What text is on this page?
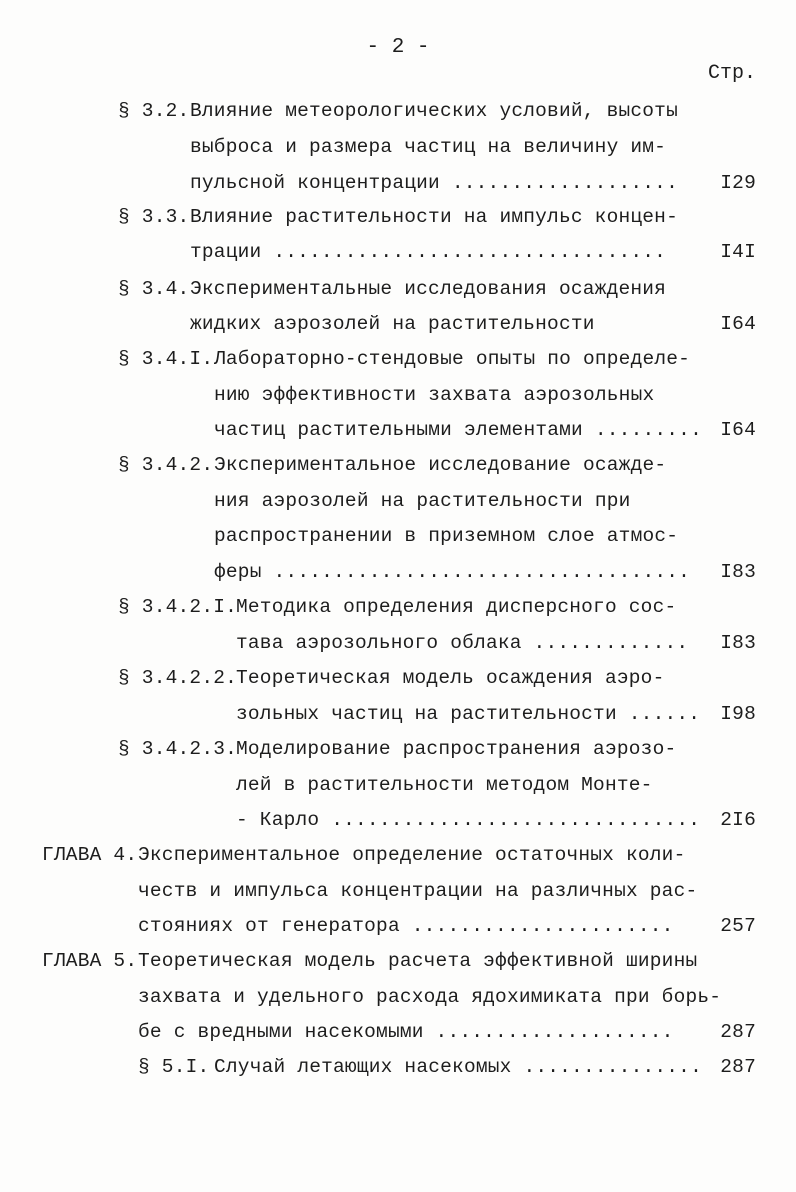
- 2 -
Стр.
§ 3.2. Влияние метеорологических условий, высоты
выброса и размера частиц на величину им-
пульсной концентрации ...................	I29
§ 3.3. Влияние растительности на импульс концен-
трации .................................	I4I
§ 3.4. Экспериментальные исследования осаждения
жидких аэрозолей на растительности	I64
§ 3.4.I. Лабораторно-стендовые опыты по определе-
нию эффективности захвата аэрозольных
частиц растительными элементами ......... I64
§ 3.4.2. Экспериментальное исследование осажде-
ния аэрозолей на растительности при
распространении в приземном слое атмос-
феры ...................................	I83
§ 3.4.2.I.
Методика определения дисперсного сос-
тава аэрозольного облака .............	I83
§ 3.4.2.2.
Теоретическая модель осаждения аэро-
зольных частиц на растительности ......	I98
§ 3.4.2.3.
Моделирование распространения аэрозо-
лей в растительности методом Монте-
- Карло ...............................	2I6
ГЛАВА 4. Экспериментальное определение остаточных коли-
честв и импульса концентрации на различных рас-
стояниях от генератора ......................	257
ГЛАВА 5. Теоретическая модель расчета эффективной ширины
захвата и удельного расхода ядохимиката при борь-
бе с вредными насекомыми ....................	287
§ 5.I. Случай летающих насекомых ............... 287
